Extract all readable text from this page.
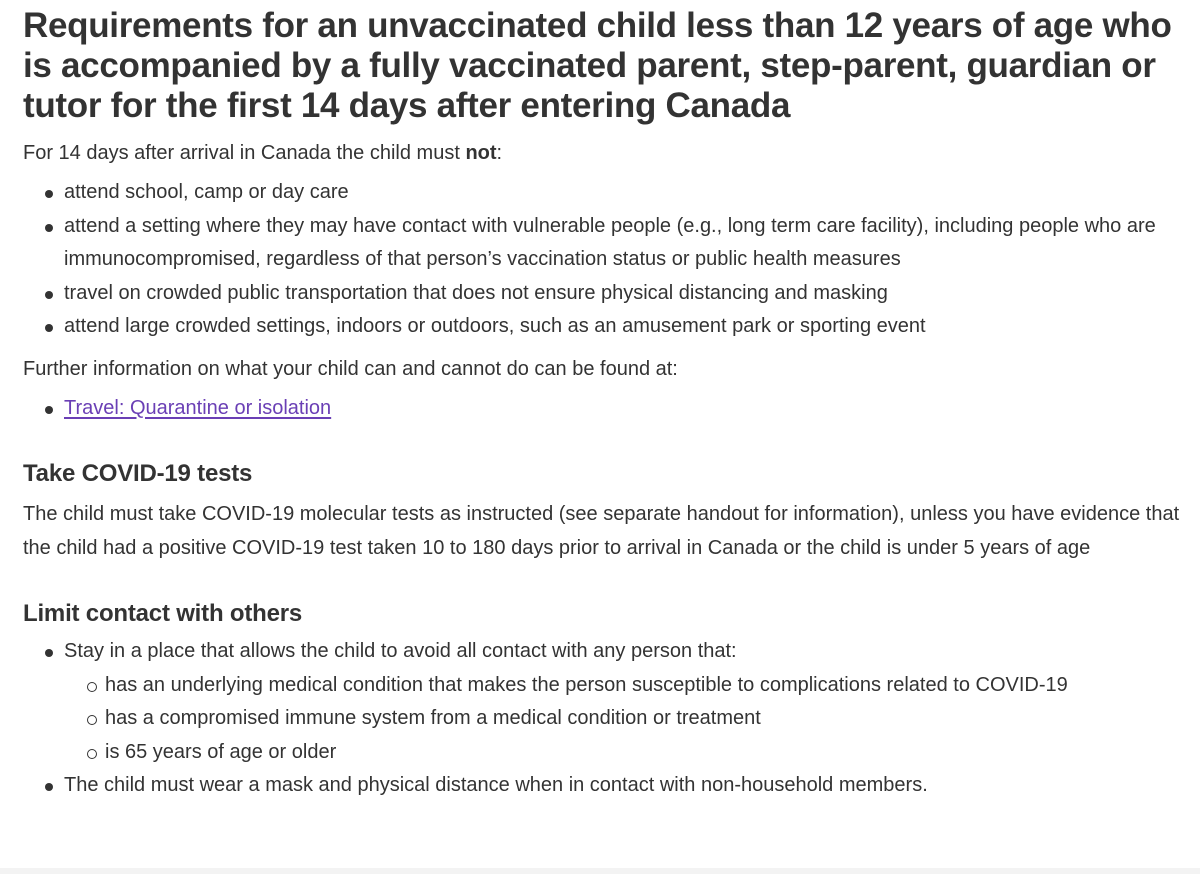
Requirements for an unvaccinated child less than 12 years of age who is accompanied by a fully vaccinated parent, step-parent, guardian or tutor for the first 14 days after entering Canada

For 14 days after arrival in Canada the child must not:

attend school, camp or day care
attend a setting where they may have contact with vulnerable people (e.g., long term care facility), including people who are immunocompromised, regardless of that person’s vaccination status or public health measures
travel on crowded public transportation that does not ensure physical distancing and masking
attend large crowded settings, indoors or outdoors, such as an amusement park or sporting event

Further information on what your child can and cannot do can be found at:

Travel: Quarantine or isolation
Take COVID-19 tests

The child must take COVID-19 molecular tests as instructed (see separate handout for information), unless you have evidence that the child had a positive COVID-19 test taken 10 to 180 days prior to arrival in Canada or the child is under 5 years of age

Limit contact with others
Stay in a place that allows the child to avoid all contact with any person that:
has an underlying medical condition that makes the person susceptible to complications related to COVID-19
has a compromised immune system from a medical condition or treatment
is 65 years of age or older
The child must wear a mask and physical distance when in contact with non-household members.
